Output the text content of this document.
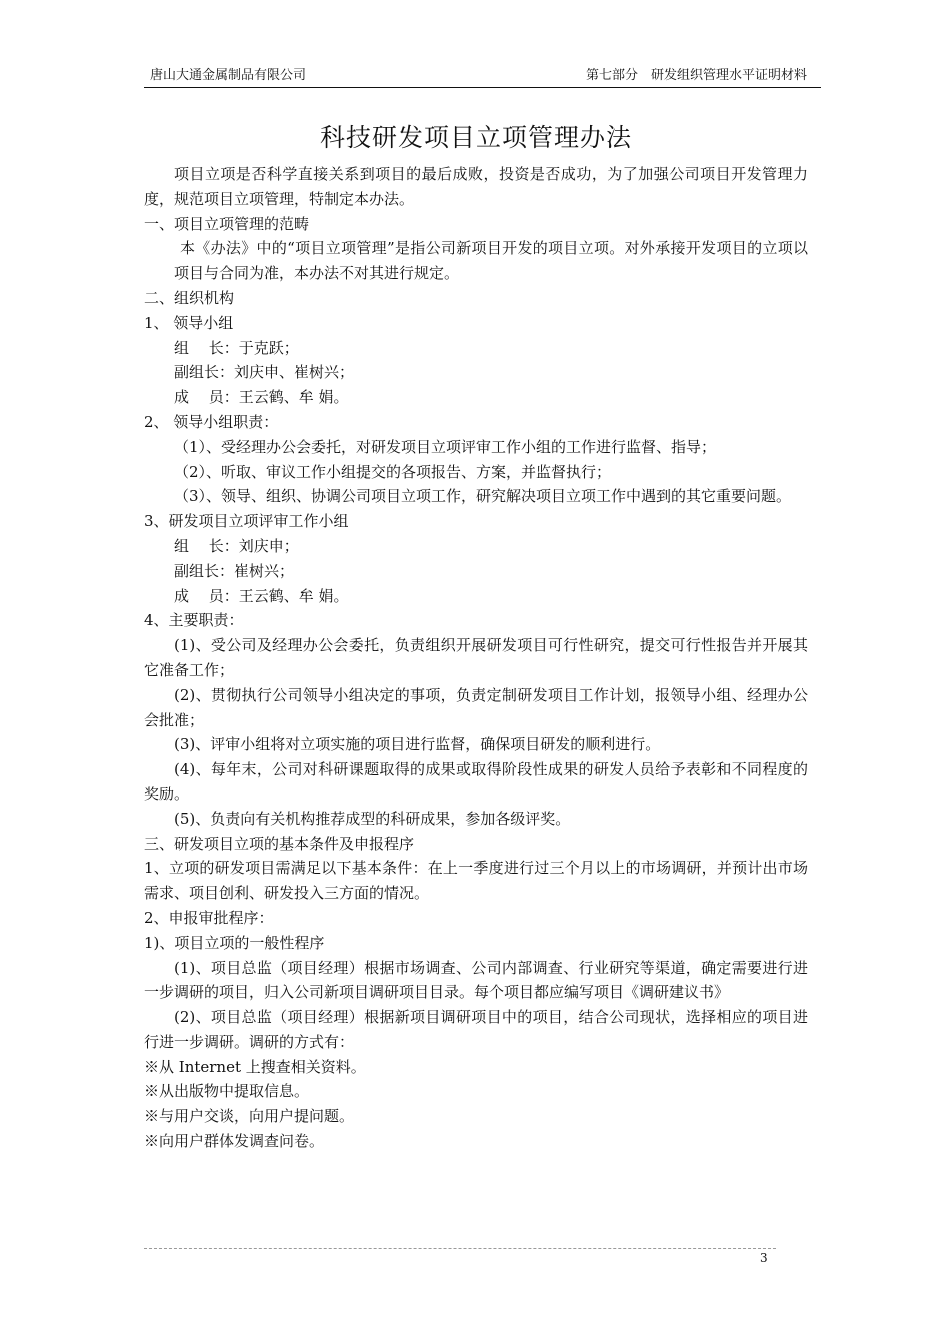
唐山大通金属制品有限公司	第七部分　研发组织管理水平证明材料
科技研发项目立项管理办法

项目立项是否科学直接关系到项目的最后成败，投资是否成功，为了加强公司项目开发管理力度，规范项目立项管理，特制定本办法。

一、项目立项管理的范畴

本《办法》中的“项目立项管理”是指公司新项目开发的项目立项。对外承接开发项目的立项以项目与合同为准，本办法不对其进行规定。

二、组织机构

1、 领导小组

组　 长：于克跃；

副组长：刘庆申、崔树兴；

成　 员：王云鹤、牟 娟。

2、 领导小组职责：

（1）、受经理办公会委托，对研发项目立项评审工作小组的工作进行监督、指导；

（2）、听取、审议工作小组提交的各项报告、方案，并监督执行；

（3）、领导、组织、协调公司项目立项工作，研究解决项目立项工作中遇到的其它重要问题。

3、研发项目立项评审工作小组

组　 长：刘庆申；

副组长：崔树兴；

成　 员：王云鹤、牟 娟。

4、主要职责：

(1)、受公司及经理办公会委托，负责组织开展研发项目可行性研究，提交可行性报告并开展其它准备工作；

(2)、贯彻执行公司领导小组决定的事项，负责定制研发项目工作计划，报领导小组、经理办公会批准；

(3)、评审小组将对立项实施的项目进行监督，确保项目研发的顺利进行。

(4)、每年末，公司对科研课题取得的成果或取得阶段性成果的研发人员给予表彰和不同程度的奖励。

(5)、负责向有关机构推荐成型的科研成果，参加各级评奖。

三、研发项目立项的基本条件及申报程序

1、立项的研发项目需满足以下基本条件：在上一季度进行过三个月以上的市场调研，并预计出市场需求、项目创利、研发投入三方面的情况。

2、申报审批程序：

1)、项目立项的一般性程序

(1)、项目总监（项目经理）根据市场调查、公司内部调查、行业研究等渠道，确定需要进行进一步调研的项目，归入公司新项目调研项目目录。每个项目都应编写项目《调研建议书》

(2)、项目总监（项目经理）根据新项目调研项目中的项目，结合公司现状，选择相应的项目进行进一步调研。调研的方式有：

※从 Internet 上搜查相关资料。

※从出版物中提取信息。

※与用户交谈，向用户提问题。

※向用户群体发调查问卷。

3
